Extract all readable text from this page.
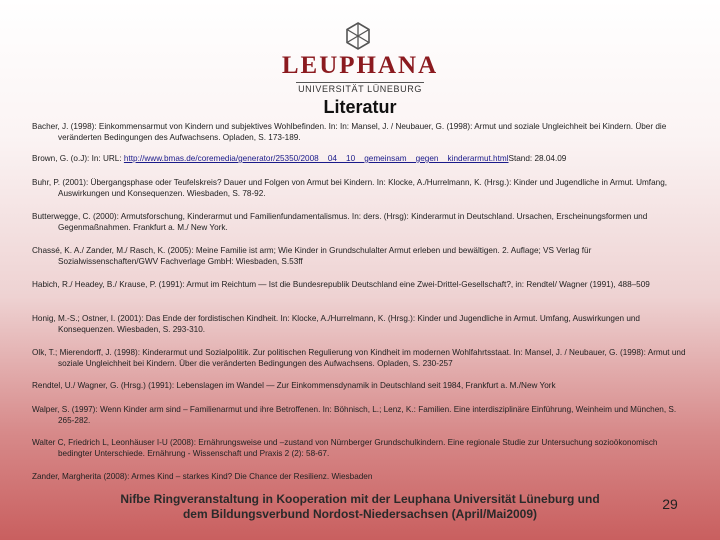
LEUPHANA
UNIVERSITÄT LÜNEBURG
Literatur
Bacher, J. (1998): Einkommensarmut von Kindern und subjektives Wohlbefinden. In: In: Mansel, J. / Neubauer, G. (1998): Armut und soziale Ungleichheit bei Kindern. Über die veränderten Bedingungen des Aufwachsens. Opladen, S. 173-189.
Brown, G. (o.J): In: URL: http://www.bmas.de/coremedia/generator/25350/2008__04__10__gemeinsam__gegen__kinderarmut.htmlStand: 28.04.09
Buhr, P. (2001): Übergangsphase oder Teufelskreis? Dauer und Folgen von Armut bei Kindern. In: Klocke, A./Hurrelmann, K. (Hrsg.): Kinder und Jugendliche in Armut. Umfang, Auswirkungen und Konsequenzen. Wiesbaden, S. 78-92.
Butterwegge, C. (2000): Armutsforschung, Kinderarmut und Familienfundamentalismus. In: ders. (Hrsg): Kinderarmut in Deutschland. Ursachen, Erscheinungsformen und Gegenmaßnahmen. Frankfurt a. M./ New York.
Chassé, K. A./ Zander, M./ Rasch, K. (2005): Meine Familie ist arm; Wie Kinder in Grundschulalter Armut erleben und bewältigen. 2. Auflage; VS Verlag für Sozialwissenschaften/GWV Fachverlage GmbH: Wiesbaden, S.53ff
Habich, R./ Headey, B./ Krause, P. (1991): Armut im Reichtum — Ist die Bundesrepublik Deutschland eine Zwei-Drittel-Gesellschaft?, in: Rendtel/ Wagner (1991), 488–509
Honig, M.-S.; Ostner, I. (2001): Das Ende der fordistischen Kindheit. In: Klocke, A./Hurrelmann, K. (Hrsg.): Kinder und Jugendliche in Armut. Umfang, Auswirkungen und Konsequenzen. Wiesbaden, S. 293-310.
Olk, T.; Mierendorff, J. (1998): Kinderarmut und Sozialpolitik. Zur politischen Regulierung von Kindheit im modernen Wohlfahrtsstaat. In: Mansel, J. / Neubauer, G. (1998): Armut und soziale Ungleichheit bei Kindern. Über die veränderten Bedingungen des Aufwachsens. Opladen, S. 230-257
Rendtel, U./ Wagner, G. (Hrsg.) (1991): Lebenslagen im Wandel — Zur Einkommensdynamik in Deutschland seit 1984, Frankfurt a. M./New York
Walper, S. (1997): Wenn Kinder arm sind – Familienarmut und ihre Betroffenen. In: Böhnisch, L.; Lenz, K.: Familien. Eine interdisziplinäre Einführung, Weinheim und München, S. 265-282.
Walter C, Friedrich L, Leonhäuser I-U (2008): Ernährungsweise und –zustand von Nürnberger Grundschulkindern. Eine regionale Studie zur Untersuchung sozioökonomisch bedingter Unterschiede. Ernährung - Wissenschaft und Praxis 2 (2): 58-67.
Zander, Margherita (2008): Armes Kind – starkes Kind? Die Chance der Resilienz. Wiesbaden
Nifbe Ringveranstaltung in Kooperation mit der Leuphana Universität Lüneburg und
dem Bildungsverbund Nordost-Niedersachsen (April/Mai2009)
29
